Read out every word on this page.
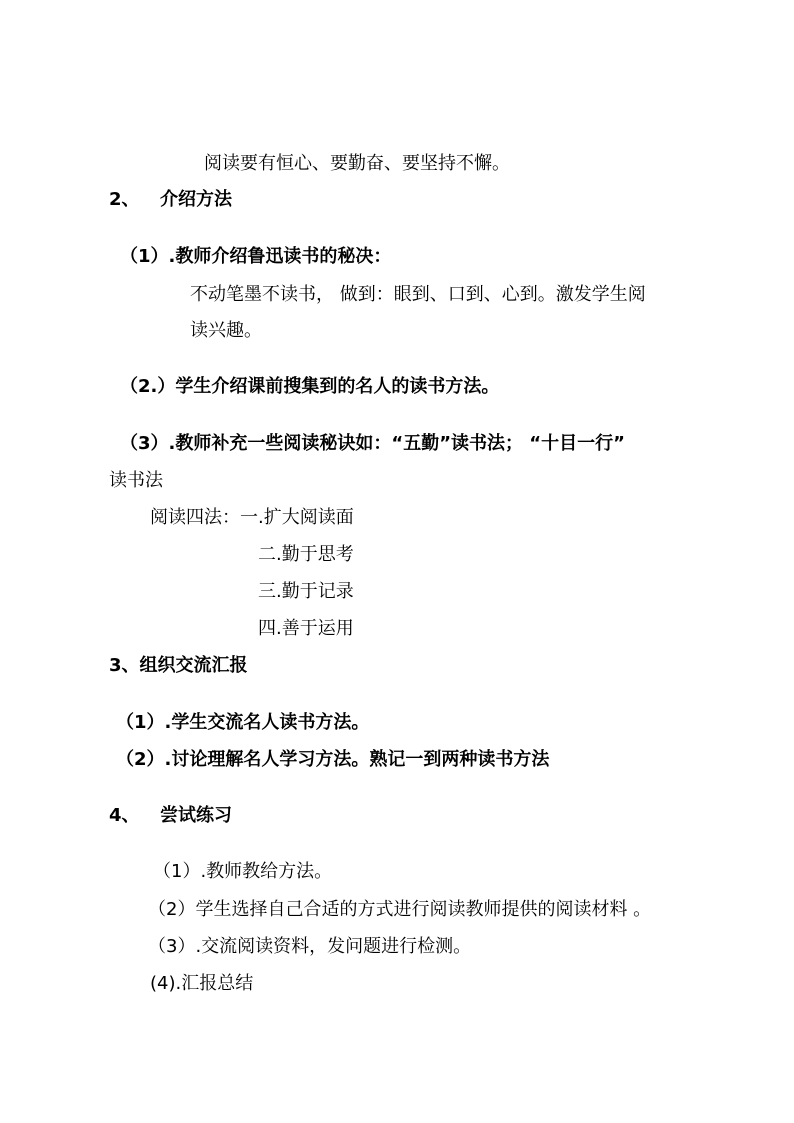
阅读要有恒心、要勤奋、要坚持不懈。
2、 介绍方法
（1）.教师介绍鲁迅读书的秘决：
不动笔墨不读书， 做到：眼到、口到、心到。激发学生阅
读兴趣。
（2.）学生介绍课前搜集到的名人的读书方法。
（3）.教师补充一些阅读秘诀如：“五勤”读书法； “十目一行”
读书法
阅读四法：一.扩大阅读面
二.勤于思考
三.勤于记录
四.善于运用
3、组织交流汇报
（1）.学生交流名人读书方法。
（2）.讨论理解名人学习方法。熟记一到两种读书方法
4、 尝试练习
（1）.教师教给方法。
（2）学生选择自己合适的方式进行阅读教师提供的阅读材料 。
（3）.交流阅读资料，发问题进行检测。
(4).汇报总结
